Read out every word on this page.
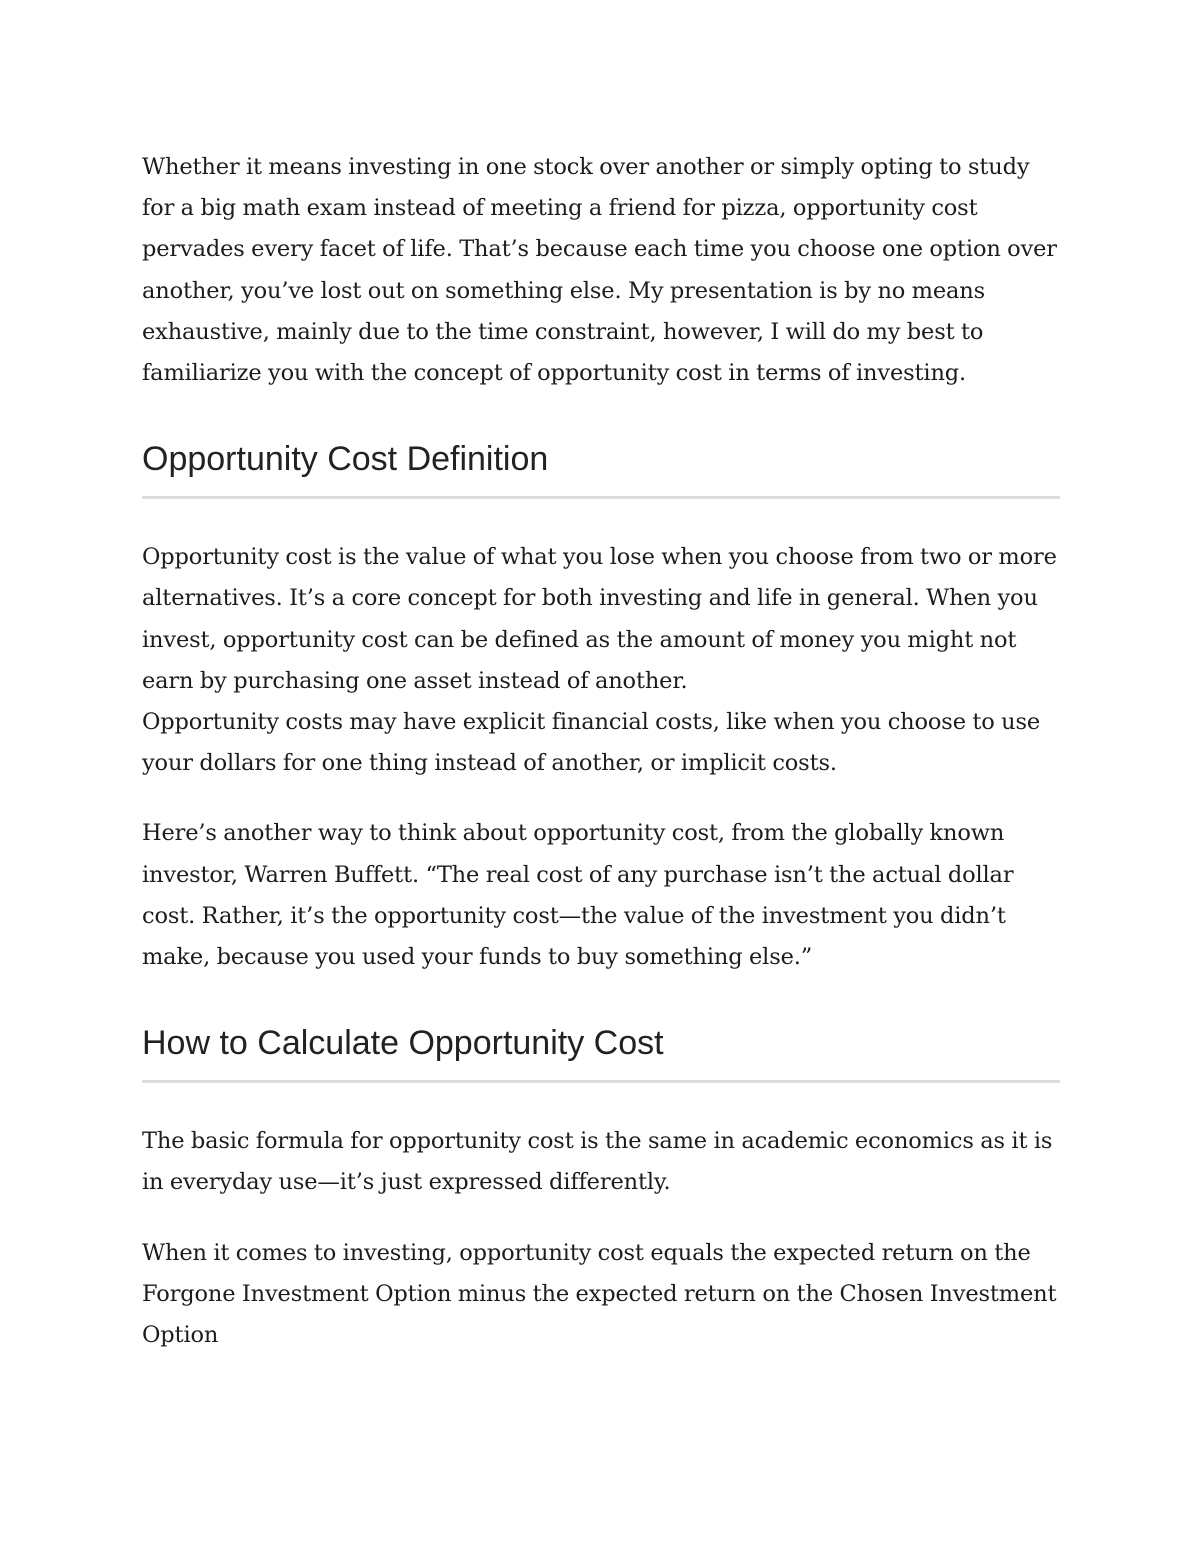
Whether it means investing in one stock over another or simply opting to study for a big math exam instead of meeting a friend for pizza, opportunity cost pervades every facet of life. That’s because each time you choose one option over another, you’ve lost out on something else. My presentation is by no means exhaustive, mainly due to the time constraint, however, I will do my best to familiarize you with the concept of opportunity cost in terms of investing.

Opportunity Cost Definition

Opportunity cost is the value of what you lose when you choose from two or more alternatives. It’s a core concept for both investing and life in general. When you invest, opportunity cost can be defined as the amount of money you might not earn by purchasing one asset instead of another.

Opportunity costs may have explicit financial costs, like when you choose to use your dollars for one thing instead of another, or implicit costs.

Here’s another way to think about opportunity cost, from the globally known investor, Warren Buffett. “The real cost of any purchase isn’t the actual dollar cost. Rather, it’s the opportunity cost—the value of the investment you didn’t make, because you used your funds to buy something else.”

How to Calculate Opportunity Cost

The basic formula for opportunity cost is the same in academic economics as it is in everyday use—it’s just expressed differently.

When it comes to investing, opportunity cost equals the expected return on the Forgone Investment Option minus the expected return on the Chosen Investment Option
